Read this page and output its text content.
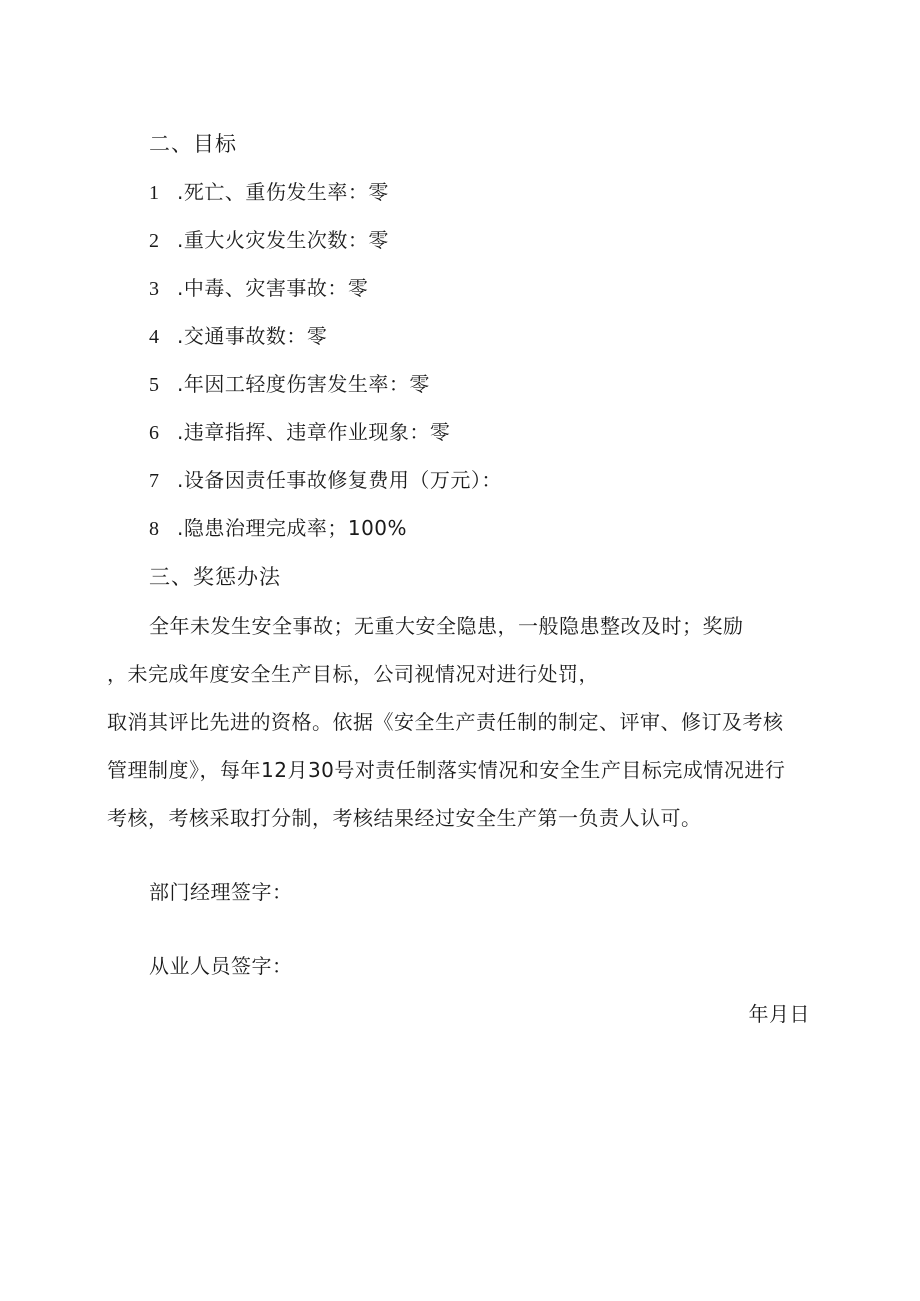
二、目标
1 .死亡、重伤发生率：零
2 .重大火灾发生次数：零
3 .中毒、灾害事故：零
4 .交通事故数：零
5 .年因工轻度伤害发生率：零
6 .违章指挥、违章作业现象：零
7 .设备因责任事故修复费用（万元）：
8 .隐患治理完成率；100%
三、奖惩办法
全年未发生安全事故；无重大安全隐患，一般隐患整改及时；奖励
，未完成年度安全生产目标，公司视情况对进行处罚，
取消其评比先进的资格。依据《安全生产责任制的制定、评审、修订及考核
管理制度》，每年12月30号对责任制落实情况和安全生产目标完成情况进行
考核，考核采取打分制，考核结果经过安全生产第一负责人认可。
部门经理签字：
从业人员签字：
年月日
